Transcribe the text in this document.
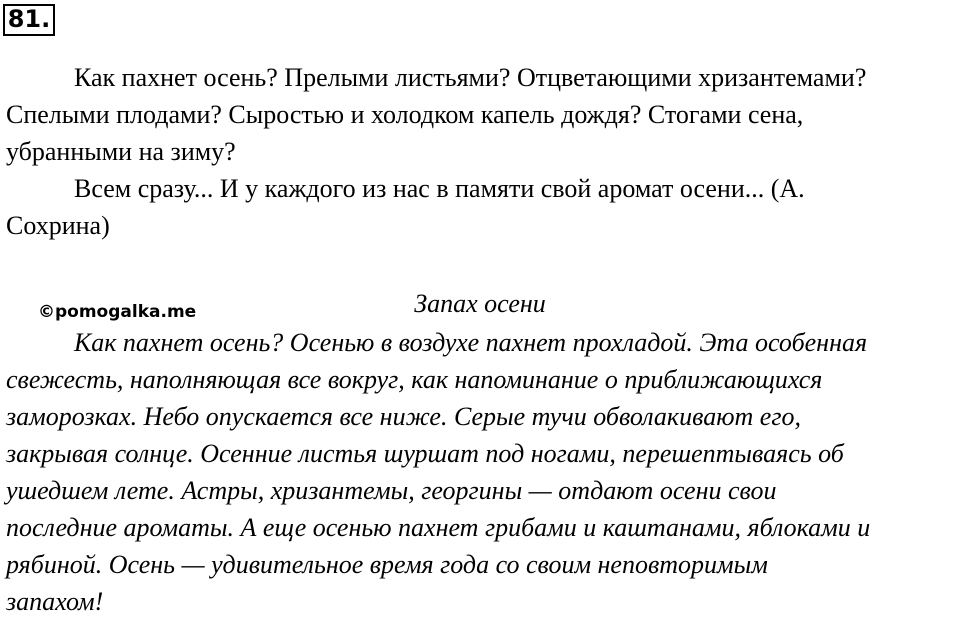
81.
Как пахнет осень? Прелыми листьями? Отцветающими хризантемами?
Спелыми плодами? Сыростью и холодком капель дождя? Стогами сена,
убранными на зиму?
Всем сразу... И у каждого из нас в памяти свой аромат осени... (А.
Сохрина)
Запах осени
©pomogalka.me
Как пахнет осень? Осенью в воздухе пахнет прохладой. Эта особенная
свежесть, наполняющая все вокруг, как напоминание о приближающихся
заморозках. Небо опускается все ниже. Серые тучи обволакивают его,
закрывая солнце. Осенние листья шуршат под ногами, перешептываясь об
ушедшем лете. Астры, хризантемы, георгины — отдают осени свои
последние ароматы. А еще осенью пахнет грибами и каштанами, яблоками и
рябиной. Осень — удивительное время года со своим неповторимым
запахом!
